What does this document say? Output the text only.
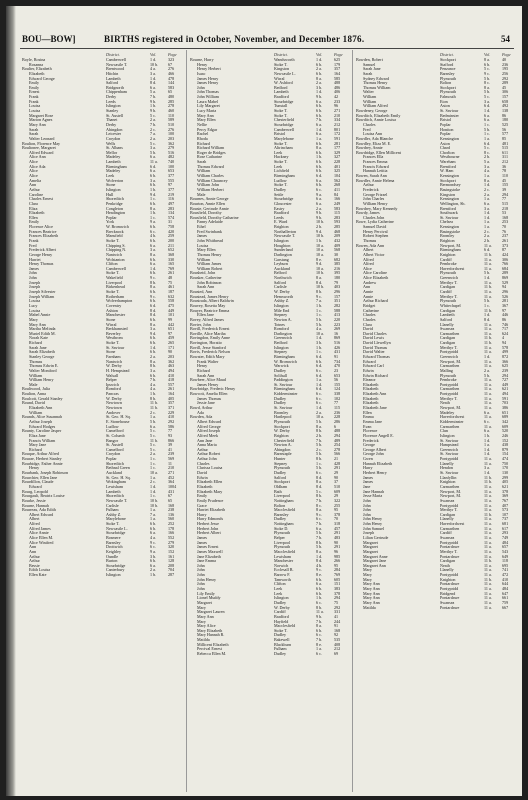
BOU—BOW]	BIRTHS registered in October, November, and December 1876.	54
District.	Vol.	Page
Boyle, Rosina	Camberwell	1 d.	323
Rosanna	Newcastle T.	10 b. 67
Boulter, Elizabeth	Brentwood	4 a.	276
Elizabeth	Hitchin	3 a.	466
Edward George	Lambeth	1 d.	478
Emily	Salford	8 d.	144
Emily	Bridgnorth	6 a.	583
Ernest	Chippenham	5 a.	65
Frank	Derby	7 b.	480
Frank	Leeds	9 b.	285
Louisa	Islington	1 b.	278
Louisa	Stanley	9 b.	460
Margaret Rose	St. Austell	5 c.	110
Marion Agnes	Thanet	2 a.	589
Mary Ann	Derby	7 b.	510
Sarah	Abingdon	2 c.	276
Sarah	Leicester	7 a.	100
Walter Leonard	Croydon	2 a.	203
Boulton, Florence May	Wells	5 c.	362
Boultonee, Margaret	St. Albans	3 a.	279
Alfred Edward	Mellor	5 b.	516
Alice Ann	Madeley	6 a.	482
Alice	Lambeth	11 a. 740
Alice Ada	Birmingham	6 d.	100
Alice	Madeley	6 a.	653
Alice	Leek	6 b.	377
Amelia	Wolverton	3 a.	555
Ann	Stone	6 b.	97
Arthur	Islington	1 b.	377
Caroline	Hull	9 d.	219
Charles Ernest	Shoreditch	1 c.	116
Clara	Penkridge	6 b.	497
Eliza	Congleton	8 a.	283
Elizabeth	Headington	1 b.	134
Ellen	Poplar	1 c.	574
Emily	York	9 a.	31
Florence Alice	W. Bromwich	6 b.	758
Frances Beatrice	Brecknock	6 c.	420
Frances Elizabeth	Mansfield	4 b.	259
Frank	Stoke T.	6 b.	200
Fred	Chipping S.	6 a.	211
Frederick Albert	Chipping N.	3 a.	652
George Henry	Nantwich	8 a.	368
Harriet	Wolstanton	6 b.	330
Henry Thomas	Clifton	6 a.	165
James	Camberwell	1 d.	769
John	Stoke T.	6 b.	261
John	Wakefield	9 c.	48
Joseph	Liverpool	8 b.	75
Joseph	Birkenhead	8 a.	461
Joseph Silvester	Stoke T.	6 b.	187
Joseph William	Rotherham	9 c.	632
Louisa	Wolverhampton	6 b.	558
Lucy	Coventry	6 d.	475
Louisa	Ashton	8 d.	449
Mabel Annie	Manchester	8 d.	101
Mary	Stone	6 b.	99
Mary Ann	Wirral	8 a.	442
Martha Melinda	Berkhamsted	3 a.	651
Muriel Edith M.	Beverley	9 d.	97
Norah Kate	Westbrom	6 b.	459
Richard	Stoke T.	6 b.	265
Sarah Jane	St. Saviour	1 d.	171
Sarah Elizabeth	Stone	6 b.	90
Stanley George	Farnham	2 a.	203
Thomas	Nantwich	8 a.	362
Thomas Edwin E.	W. Derby	8 b.	463
Walter Montford	H. Hempstead	3 a.	494
William	Walsall	6 b.	410
William Henry	Belper	7 b.	418
Male	Ipswich	4 a.	557
Boultwood, Julia	Romford	4 a.	261
Boulton, Anna	Pancras	1 b.	164
Boulcott, Gerald Stanley	W. Derby	8 b.	405
Bound, David	Newtown	11 b. 357
Elizabeth Ann	Newtown	11 b. 371
William	Andover	2 c.	229
Bounds, Alice Susannah	St. Geo. H. Sq.	1 a.	410
Arthur Joseph	E. Stonehouse	5 b.	292
Edward Hodges	Ludlow	6 a.	586
Bounty, Caroline Jasper	Camelford	5 c.	77
Eliza Jane	St. Columb	5 c.	93
Francis William	Bangor	11 b. 866
Mary Jane	St. Austell	5 c.	39
Richard	Camelford	5 c.	41
Bouque, Arthur Alfred	Croydon	2 a.	239
Bourae, Herbert Stanley	Poplar	1 c.	569
Bourbidge, Esther Annie	Shoreditch	1 c.	11
Henry	Bethnal Green	1 c.	210
Bourbank, Joseph Robinson	Auckland	10 a. 271
Bourchier, Ellen Jane	St. Geo. H. Sq.	1 a.	452
Bourdillon, Claude	Wokingham	2 c.	364
Edward	Lewisham	1 d.	1004
Bourg, Leopold	Lambeth	1 d.	431
Bourgault, Beatrix Louise	Shoreditch	1 c.	67
Bourke, Jessie	Newcastle T.	10 b. 65
Bourne, Hannah	Carlisle	10 b. 168
Bourreau, Ada Edith	Fulham	1 a.	238
Albert Edward	Ashby Z.	7 a.	136
Albert	Marylebone	1 a.	560
Alfred	Stoke T.	6 b.	252
Alfred James	Newcastle L.	6 b.	178
Alice Annie	Stourbridge	6 a.	166
Alice Ellen M.	Bosmere	4 a.	552
Alice Winifred	Barnsley	9 c.	279
Ann	Droitwich	6 c.	320
Ann	Keighley	9 a.	152
Arthur	Oundle	3 b.	161
Arthur	Burton	6 b.	128
Bessie	Stourbridge	6 a.	208
Edith Louisa	Canterbury	2 a.	704
Ellen Kate	Islington	1 b.	287
District.	Vol.	Page
Bourne, Harry	Wandsworth	1 d.	625
Henry	Stoke T.	6 b.	179
Henry Herbert	Kingston	2 a.	357
Isaac	Newcastle L.	6 b.	164
James Henry	Wirral	8 a.	585
James Henry	W. Ashford	2 a.	488
John	Bedford	3 b.	486
John Thomas	Lambeth	1 d.	406
John William	Bradford	9 b.	42
Laura Mabel	Stourbridge	6 a.	233
Lily Margaret	Tunstall	6 b.	96
Lucy Maria	Stoke T.	6 b.	271
Mary Ann	Stoke T.	6 b.	210
Mary Ellen	Chesterfield	7 b.	334
Nellie	Stourbridge	6 a.	212
Percy Edgar	Camberwell	1 d.	801
Rachel	Bristol	6 a.	172
Rhoda	Marylebone	1 a.	591
Richard	Stoke T.	6 b.	281
Richard William	Altrincham	8 a.	177
Roger de Bridges	Leek	6 b.	329
Rose Catharine	Hackney	1 b.	327
Sarah	Stoke T.	6 b.	228
Thomas Edward	Leek	6 b.	401
William	Lichfield	6 b.	325
William Charles	Birmingham	6 d.	104
William Chauncey	Ludlow	6 a.	562
William John	Stoke T.	6 b.	268
William Herbert	Dudley	6 c.	411
Male	Settle	9 a.	84
Bournes, Annie George	Stourbridge	6 a.	166
Bourton, Annie Ellen	Gloucester	6 a.	249
Bousie, Gertrude Annie	Eastry	2 a.	583
Bousfield, Dorothy	Bradford	9 b.	115
Bousfield, Dorothy Catharine	Leeds	9 b.	283
Fanny Adelaide	E. Ward	10 b. 593
Ethel	Brighton	2 b.	285
Fred Swinbank	Northallerton	9 d.	468
James	Newcastle T.	10 b. 209
John Whitbread	Islington	1 b.	432
Louisa	Houghton	10 a. 409
Mary Ellen	Sunderland	10 a. 568
Thomas Henry	Darlington	10 a. 30
William	Garstang	8 e.	682
William James	Leyburn	9 d.	385
William Robert	Auckland	10 a. 216
Bousheid, John	Belford	10 b. 395
Bousker, Catherine	Northwich	8 a.	180
John Robinson	Salford	8 d.	79
Sarah Ann	Carlisle	10 b. 403
Bousted, Ann	W. Derby	8 b.	296
Boustead, James Henry	Hemsworth	9 c.	157
Boustrada, Albert Baldwin	Ashby Z.	7 a.	351
Bouvey, Rosetta May	Islington	1 b.	282
Bouyer, Beatrice Emma	Mile End	1 c.	588
Ellen Jane	Stepney	1 c.	413
Bovey, Alfred James	Newton A.	5 b.	220
Bovier, John	Totnes	5 b.	223
Bovill, Frederick Ernest	Romford	4 a.	269
Boville, Alice Martha	Darlington	10 a. 16
Bovingdon, Emily Anne	Greenwich	1 d.	869
Bovington, Horatio	Bedford	3 b.	516
Bovill, Jesse Stanford	Islington	1 b.	426
Bovis, Frederick Nelson	Stepney	1 c.	431
Bowater, Edith Mary	Birmingham	6 d.	91
Frank Walter	W. Bromwich	6 b.	734
Henry	Warwick	6 d.	470
Richard	Dudley	6 c.	23
Sarah Ann	Solihull	6 d.	653
Bowbeer, Alice Maud	Paddington	1 a.	56
James Henry	St. Saviour	1 d.	155
Bowbridge, Frederic Henry	Birmingham	6 d.	124
Bowcott, Amelia Ellen	Kidderminster	6 c.	338
James Thomas	Dudley	6 c.	102
Jessie Jane	Dudley	6 c.	77
Bowd, Arthur	St. Saviour	1 d.	115
Ada	Bromley	2 a.	236
Bowden, Ada	Hartlepool	10 a. 228
Albert Edward	Plymouth	5 b.	286
Alfred George	Stockport	8 a.	6
Alfred Joseph	W. Derby	8 b.	488
Alfred Meek	Brighton	2 b.	294
Ann Jane	Chesterfield	7 b.	489
Anna Maria	Newton A.	5 b.	254
Arthur	Abingdon	2 c.	278
Arthur Robert	Barnstaple	5 b.	566
Arthur John	Hunter	8 b.	21
Charles	Stepney	1 c.	428
Clarissa Louisa	Plymouth	5 b.	291
David	Dudley	6 c.	29
Edwin	Salford	8 d.	90
Elizabeth Ellen	Stockport	8 a.	37
Elizabeth	Oldham	8 d.	510
Elizabeth Mary	Bath	5 c.	609
Emily	Liverpool	8 b.	29
Emily Prudence	Nottingham	7 b.	322
Grace	Bolton	8 c.	255
Harriet Elizabeth	Macclesfield	8 a.	95
Harry	Barnsley	9 c.	378
Harry Edmonds	Dudley	6 c.	70
Herbert Jesse	Nottingham	7 b.	318
Herbert John	Stoke D.	6 a.	457
Herbert Albert	Plymouth	5 b.	291
James	Belper	7 b.	483
James	Liverpool	8 b.	90
James Ernest	Plymouth	5 b.	291
James Maxwell	Macclesfield	8 a.	96
Jane Elizabeth	Lewisham	1 d.	985
Jane Emma	Manchester	8 d.	266
John	Norwich	4 b.	95
John	Ecclesall B.	9 c.	284
John	Barrow F.	8 e.	769
John Henry	Tamworth	6 b.	605
John	Clifton	6 a.	151
John	Leek	6 b.	383
Lily Emily	Leek	6 b.	378
Lionel Muddy	Islington	1 b.	294
Margaret	Dudley	6 c.	75
Mary	W. Derby	8 b.	292
Margaret Lauren	Cardiff	11 a. 331
Mary Ann	Bradford	9 b.	41
Mary	Hayfield	7 b.	244
Mary Alice	Macclesfield	8 a.	91
Mary Elizabeth	Stoke T.	6 b.	168
Mary Hannah R.	Dudley	6 c.	92
Matilda	Bakewell	7 b.	535
Millicent Elizabeth	Blackburn	8 e.	408
Percival Ernest	Fulham	1 a.	212
Rebecca Ellen M.	Dudley	6 c.	69
District.	Vol.	Page
Bowden, Robert	Stockport	8 a.	40
Samuel	Stafford	6 b.	236
Sarah Jane	Penzance	5 c.	195
Sarah	Barnsley	9 c.	256
Sydney Edward	Plymouth	5 b.	292
Thomas Henry	Bolton	8 c.	289
Thomas William	Stockport	8 a.	45
Walter	Plymouth	5 b.	306
William	Falmouth	5 c.	157
William	Eton	3 a.	658
William Alfred	Aston	6 d.	492
Bowdeney, George	St. Saviour	1 d.	138
Bowditch, Elizabeth Emily	Bedminster	6 a.	86
Bowditch, Annie Louisa	Bristol	6 a.	180
Charles	Poplar	1 c.	525
Fred	Honiton	5 b.	56
Louisa Ann	Poplar	1 c.	577
Bowdler, Ada Blanche	Kensington	1 a.	85
Bowdley, Eliza M. E.	Aston	6 d.	481
Bowdrey, Annie	Chard	5 c.	515
Bowdridge, Ellen Millicent	Chorlton	8 c.	611
Frances Ella	Westbourne	2 b.	311
Frances Emma	Wareham	5 a.	212
Francis Edward	Brentford	3 a.	36
Hannah Letitia	W. Ham	4 a.	78
Bowen, Sarah Ann	Kensington	1 a.	110
Bowdler, Annie Helena	Stockport	8 a.	45
Arthur	Bermondsey	1 d.	155
Frederick	Basingstoke	2 c.	39
George Frizzel	Kingston	2 a.	294
John Charles	Kensington	1 a.	77
William Henry	Wellington, Sh.	6 a.	515
Bowdrey, Mary Kennedy	Brentford	3 a.	218
Bowdy, James	Southwark	1 d.	53
Charles John	St. Saviour	1 d.	168
Bowe, Lydia Catherine	Chelsea	1 a.	253
Samuel David	Kensington	1 a.	70
Henry Percival	Basingstoke	2 c.	76
Robert Stephen	Bromley	2 a.	237
Thomas	Brighton	2 b.	261
Bowen, Ada Ann	Newport, M.	11 a. 373
Albert	Birmingham	6 d.	87
Albert Victor	Knighton	11 b. 424
Alfred	Cardiff	11 a. 306
Alfred	Pembroke	11 a. 766
Alice	Haverfordwest	11 a. 684
Alice Caroline	Plymouth	5 b.	289
Alice Elizabeth	Greenwich	1 d.	869
Andrew	Merthyr T.	11 a. 529
Ann	Cardigan	11 b. 94
Annie	Cardiff	11 a. 296
Annie	Merthyr T.	11 a. 526
Arthur Richard	Plymouth	5 b.	281
Bridget	Whitechapel	1 c.	367
Catherine	Cardigan	11 b. 97
Charles	Lambeth	1 d.	446
Charles	Salford	8 d.	86
Clara	Llanelly	11 a. 746
David	Swansea	11 a. 717
David Charles	Carmarthen	11 a. 624
David Lewis	Cardigan	11 b. 4
David Llewellyn	Cardigan	11 b. 94
David Thomas	Merthyr T.	11 a. 578
David Walter	Pontypridd	11 a. 499
Edward Thomas	Greenwich	1 d.	872
Edward	Newport, M.	11 a. 366
Edward Carl	Carmarthen	11 a. 625
Edwin	Malling	2 a.	239
Edwin Richard	Plymouth	5 b.	294
Eleanor	Pembroke	11 a. 727
Elizabeth	Pontypridd	11 a. 449
Elizabeth	Carmarthen	11 a. 621
Elizabeth Ann	Pontypridd	11 a. 494
Elizabeth	Merthyr T.	11 a. 591
Elizabeth	Neath	11 a. 703
Elizabeth Jane	Newport, M.	11 a. 386
Ellen	Madeley	6 a.	651
Emma	Haverfordwest	11 a. 689
Emma Jane	Kidderminster	6 c.	342
Evan	Carmarthen	11 a. 609
Florence	Clun	6 a.	520
Florence Angell E.	Islington	1 b.	246
Frederick	St. Saviour	1 d.	152
George	Hampstead	1 a.	438
George Albert	Greenwich	1 d.	879
George John	St. Saviour	1 d.	154
Gwen	Pontypridd	11 a. 474
Hannah Elizabeth	Llanelly	11 a. 750
Harry	Hendon	3 a.	170
Herbert Henry	St. Saviour	1 d.	130
James	Llanfyllin	11 b. 299
James	Knighton	11 b. 405
Jane	Carmarthen	11 a. 621
Jane Hannah	Newport, M.	11 a. 378
Jesse Maria	Newport, M.	11 a. 369
John	Swansea	11 a. 767
John	Pontypridd	11 a. 407
John	Merthyr T.	11 a. 573
John	Cardigan	11 b. 107
John Henry	Llanelly	11 a. 737
John Henry	Haverfordwest	11 a. 681
John Samuel	Carmarthen	11 a. 617
Joseph	Cardiff	11 a. 293
Lilian Gertrude	Swansea	11 a. 749
Margaret	Pontypridd	11 a. 484
Margaret	Pontardawe	11 a. 657
Margaret	Merthyr T.	11 a. 543
Margaret Anne	Pontardawe	11 a. 649
Margaret Jane	Cardigan	11 b. 118
Margaret Ann	Neath	11 a. 695
Mary	Llanelly	11 a. 741
Mary	Pontypridd	11 a. 472
Mary	Knighton	11 b. 410
Mary Ann	Pontardawe	11 a. 644
Mary Ann	Pontypridd	11 a. 484
Mary Ann	Bridgend	11 a. 647
Mary Ann	Pontardawe	11 a. 661
Mary Ann	Swansea	11 a. 759
Matilda	Pontardawe	11 a. 667
